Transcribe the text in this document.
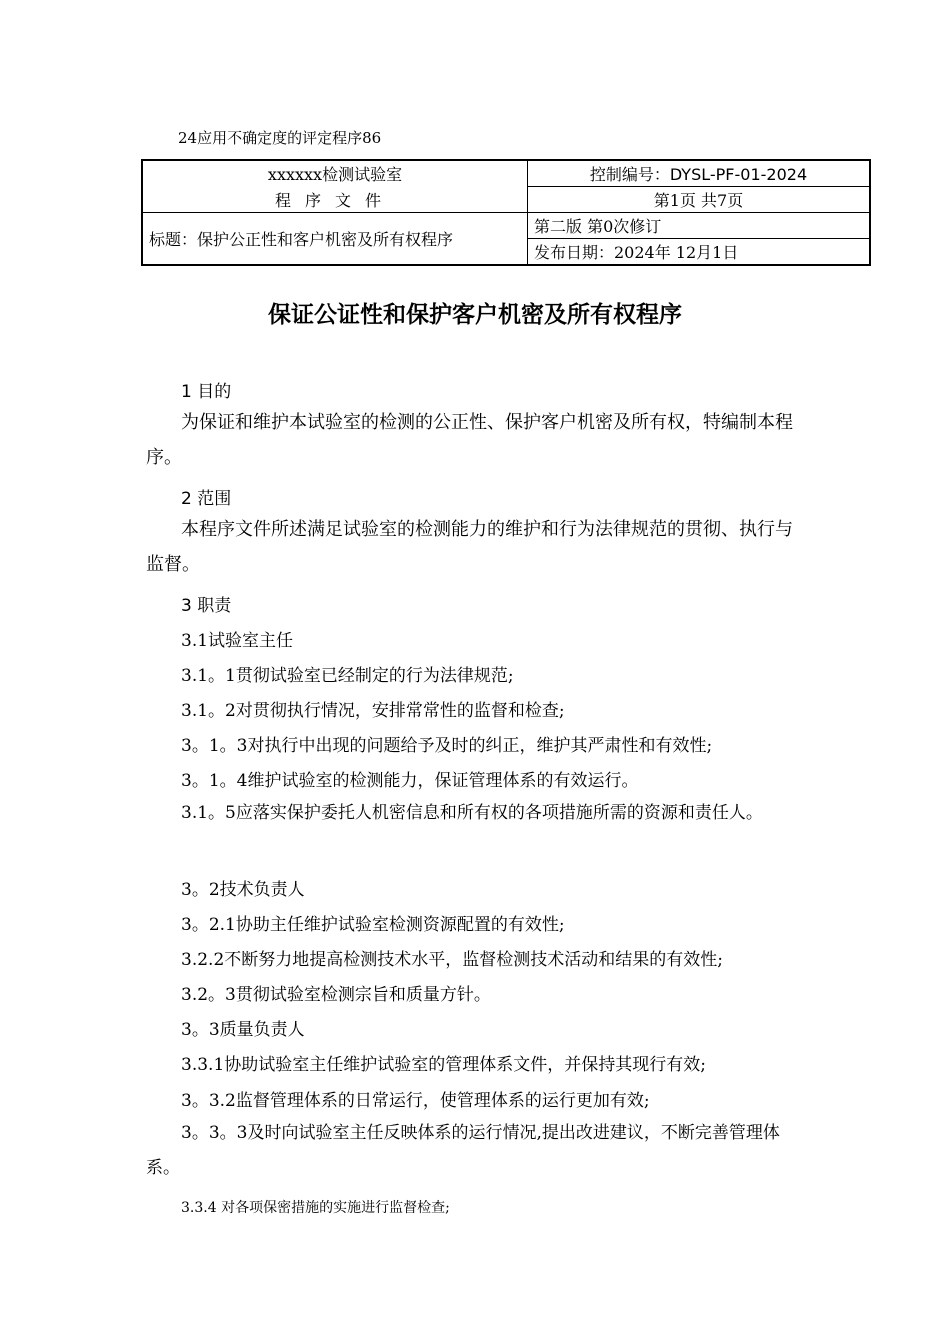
24应用不确定度的评定程序86
xxxxxx检测试验室	控制编号：DYSL-PF-01-2024
程序文件	第1页 共7页
标题：保护公正性和客户机密及所有权程序	第二版 第0次修订
	发布日期：2024年 12月1日
保证公证性和保护客户机密及所有权程序
1 目的
为保证和维护本试验室的检测的公正性、保护客户机密及所有权，特编制本程序。
2 范围
本程序文件所述满足试验室的检测能力的维护和行为法律规范的贯彻、执行与监督。
3 职责
3.1试验室主任
3.1。1贯彻试验室已经制定的行为法律规范;
3.1。2对贯彻执行情况，安排常常性的监督和检查;
3。1。3对执行中出现的问题给予及时的纠正，维护其严肃性和有效性;
3。1。4维护试验室的检测能力，保证管理体系的有效运行。
3.1。5应落实保护委托人机密信息和所有权的各项措施所需的资源和责任人。
3。2技术负责人
3。2.1协助主任维护试验室检测资源配置的有效性;
3.2.2不断努力地提高检测技术水平，监督检测技术活动和结果的有效性;
3.2。3贯彻试验室检测宗旨和质量方针。
3。3质量负责人
3.3.1协助试验室主任维护试验室的管理体系文件，并保持其现行有效;
3。3.2监督管理体系的日常运行，使管理体系的运行更加有效;
3。3。3及时向试验室主任反映体系的运行情况,提出改进建议，不断完善管理体系。
3.3.4 对各项保密措施的实施进行监督检查;
